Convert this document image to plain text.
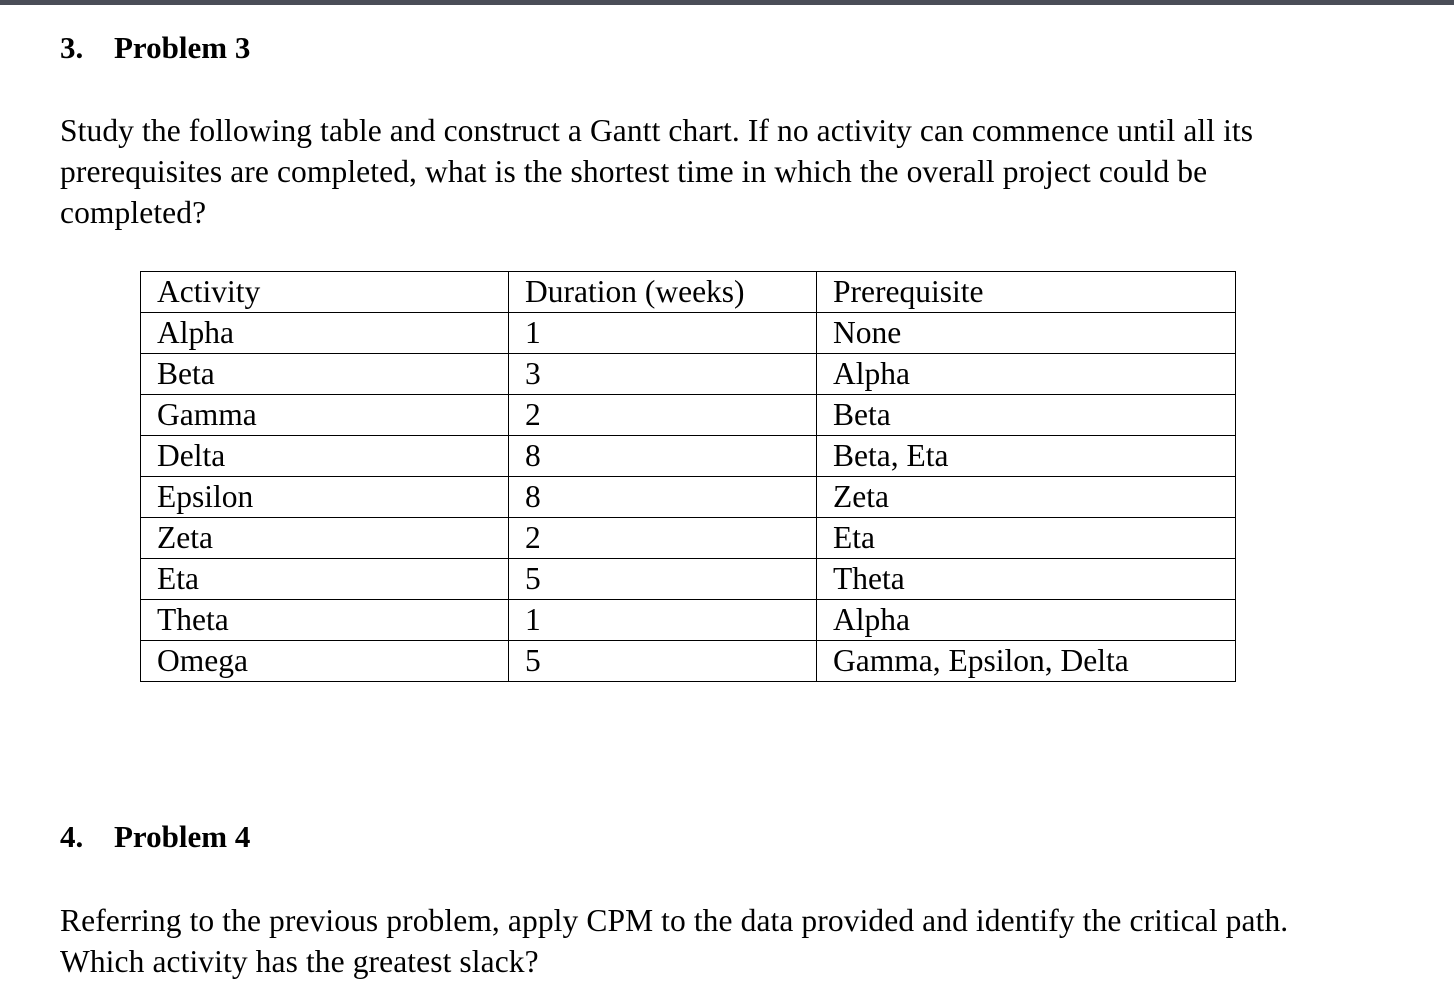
3. Problem 3
Study the following table and construct a Gantt chart. If no activity can commence until all its
prerequisites are completed, what is the shortest time in which the overall project could be
completed?
Activity	Duration (weeks)	Prerequisite
Alpha	1	None
Beta	3	Alpha
Gamma	2	Beta
Delta	8	Beta, Eta
Epsilon	8	Zeta
Zeta	2	Eta
Eta	5	Theta
Theta	1	Alpha
Omega	5	Gamma, Epsilon, Delta
4. Problem 4
Referring to the previous problem, apply CPM to the data provided and identify the critical path.
Which activity has the greatest slack?
